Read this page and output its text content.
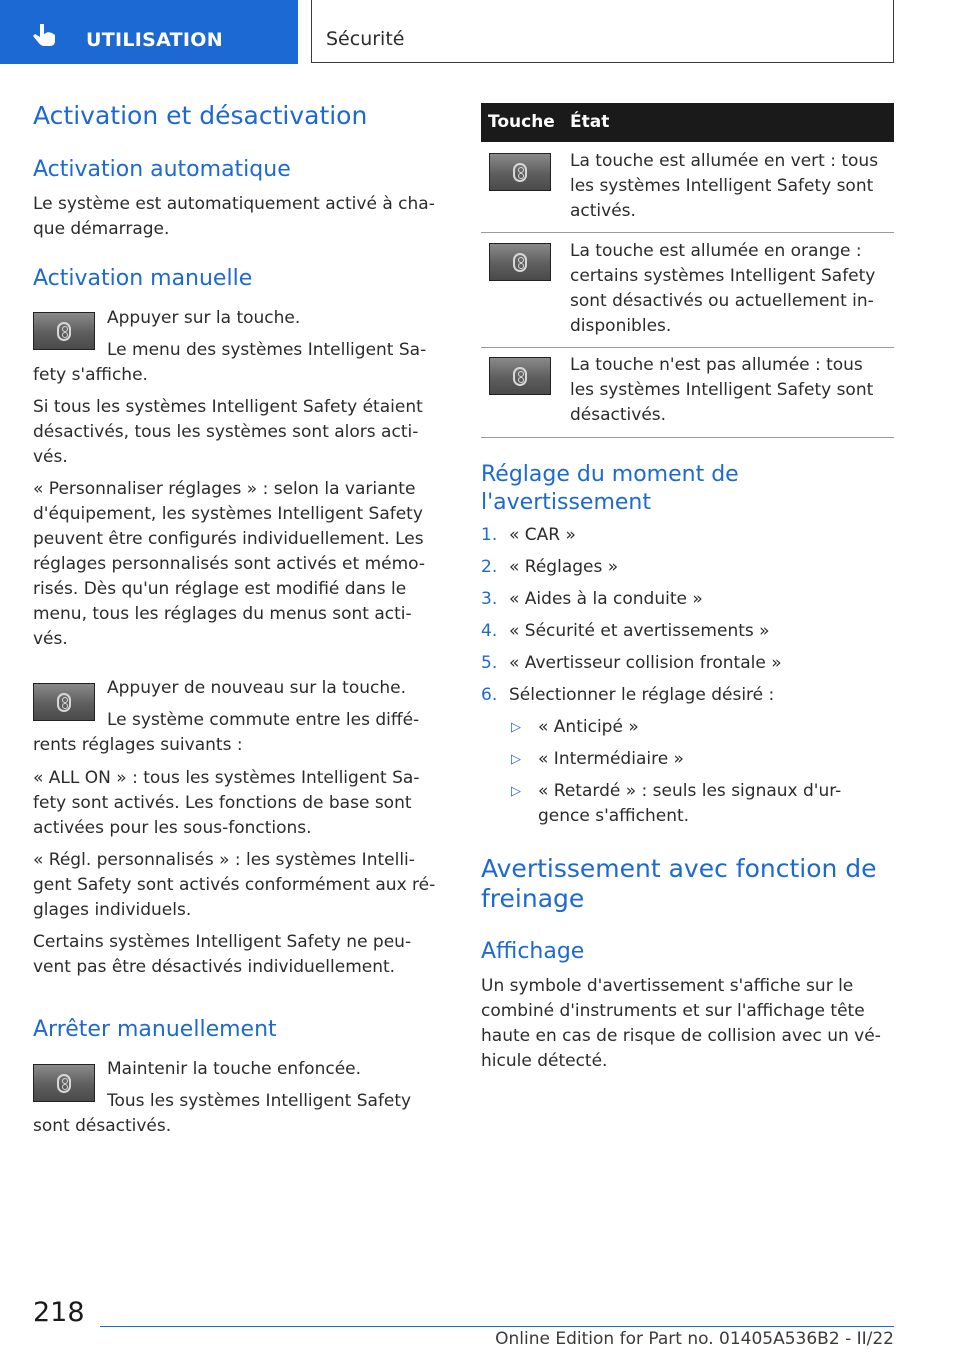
UTILISATION	Sécurité
Activation et désactivation
Activation automatique

Le système est automatiquement activé à cha-
que démarrage.

Activation manuelle

Appuyer sur la touche.

Le menu des systèmes Intelligent Sa-

fety s'affiche.

Si tous les systèmes Intelligent Safety étaient
désactivés, tous les systèmes sont alors acti-
vés.

« Personnaliser réglages » : selon la variante
d'équipement, les systèmes Intelligent Safety
peuvent être configurés individuellement. Les
réglages personnalisés sont activés et mémo-
risés. Dès qu'un réglage est modifié dans le
menu, tous les réglages du menus sont acti-
vés.

Appuyer de nouveau sur la touche.

Le système commute entre les diffé-

rents réglages suivants :

« ALL ON » : tous les systèmes Intelligent Sa-
fety sont activés. Les fonctions de base sont
activées pour les sous-fonctions.

« Régl. personnalisés » : les systèmes Intelli-
gent Safety sont activés conformément aux ré-
glages individuels.

Certains systèmes Intelligent Safety ne peu-
vent pas être désactivés individuellement.

Arrêter manuellement

Maintenir la touche enfoncée.

Tous les systèmes Intelligent Safety

sont désactivés.

Touche État

La touche est allumée en vert : tous
les systèmes Intelligent Safety sont
activés.

La touche est allumée en orange :
certains systèmes Intelligent Safety
sont désactivés ou actuellement in-
disponibles.

La touche n'est pas allumée : tous
les systèmes Intelligent Safety sont
désactivés.

Réglage du moment de
l'avertissement
1. « CAR »
2. « Réglages »
3. « Aides à la conduite »
4. « Sécurité et avertissements »
5. « Avertisseur collision frontale »
6. Sélectionner le réglage désiré :
▷ « Anticipé »
▷ « Intermédiaire »
▷ « Retardé » : seuls les signaux d'ur-
gence s'affichent.
Avertissement avec fonction de
freinage
Affichage

Un symbole d'avertissement s'affiche sur le
combiné d'instruments et sur l'affichage tête
haute en cas de risque de collision avec un vé-
hicule détecté.

218
Online Edition for Part no. 01405A536B2 - II/22
